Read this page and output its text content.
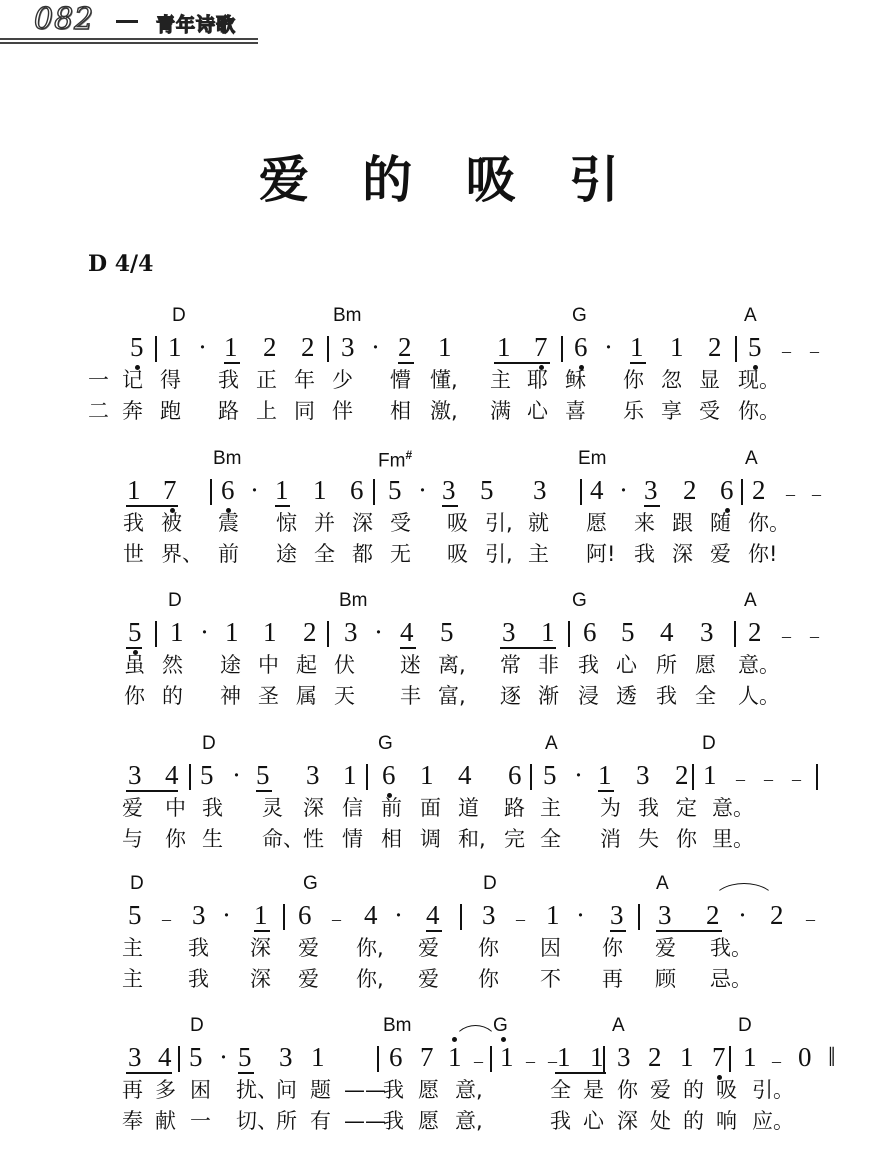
082	青年诗歌
爱 的 吸 引
D 4/4
D	Bm	G	A
5 1 · 1 2 2 3 · 2 1 1 7 6 · 1 1 2 5 – –
一 记 得 我 正 年 少 懵 懂, 主 耶 稣 你 忽 显 现。
二 奔 跑 路 上 同 伴 相 激, 满 心 喜 乐 享 受 你。
Bm	Fm#	Em	A
1 7 6 · 1 1 6 5 · 3 5 3 4 · 3 2 6 2 – –
我 被 震 惊 并 深 受 吸 引, 就 愿 来 跟 随 你。
世 界、 前 途 全 都 无 吸 引, 主 阿! 我 深 爱 你!
D	Bm	G	A
5 1 · 1 1 2 3 · 4 5 3 1 6 5 4 3 2 – –
虽 然 途 中 起 伏 迷 离, 常 非 我 心 所 愿 意。
你 的 神 圣 属 天 丰 富, 逐 渐 浸 透 我 全 人。
D	G	A	D
3 4 5 · 5 3 1 6 1 4 6 5 · 1 3 2 1 – – –
爱 中 我 灵 深 信 前 面 道 路 主 为 我 定 意。
与 你 生 命、 性 情 相 调 和, 完 全 消 失 你 里。
D	G	D	A
5 – 3 · 1 6 – 4 · 4 3 – 1 · 3 3 2 · 2 –
主 我 深 爱 你, 爱 你 因 你 爱 我。
主 我 深 爱 你, 爱 你 不 再 顾 忌。
D	Bm	G	A	D
3 4 5 · 5 3 1 6 7 1 – 1 – – 1 1 3 2 1 7 1 – 0 ‖
再 多 困 扰、
问 题 ——
我 愿 意,	全 是 你 爱 的 吸 引。
奉 献 一 切、
所 有 ——
我 愿 意,	我 心 深 处 的 响 应。
